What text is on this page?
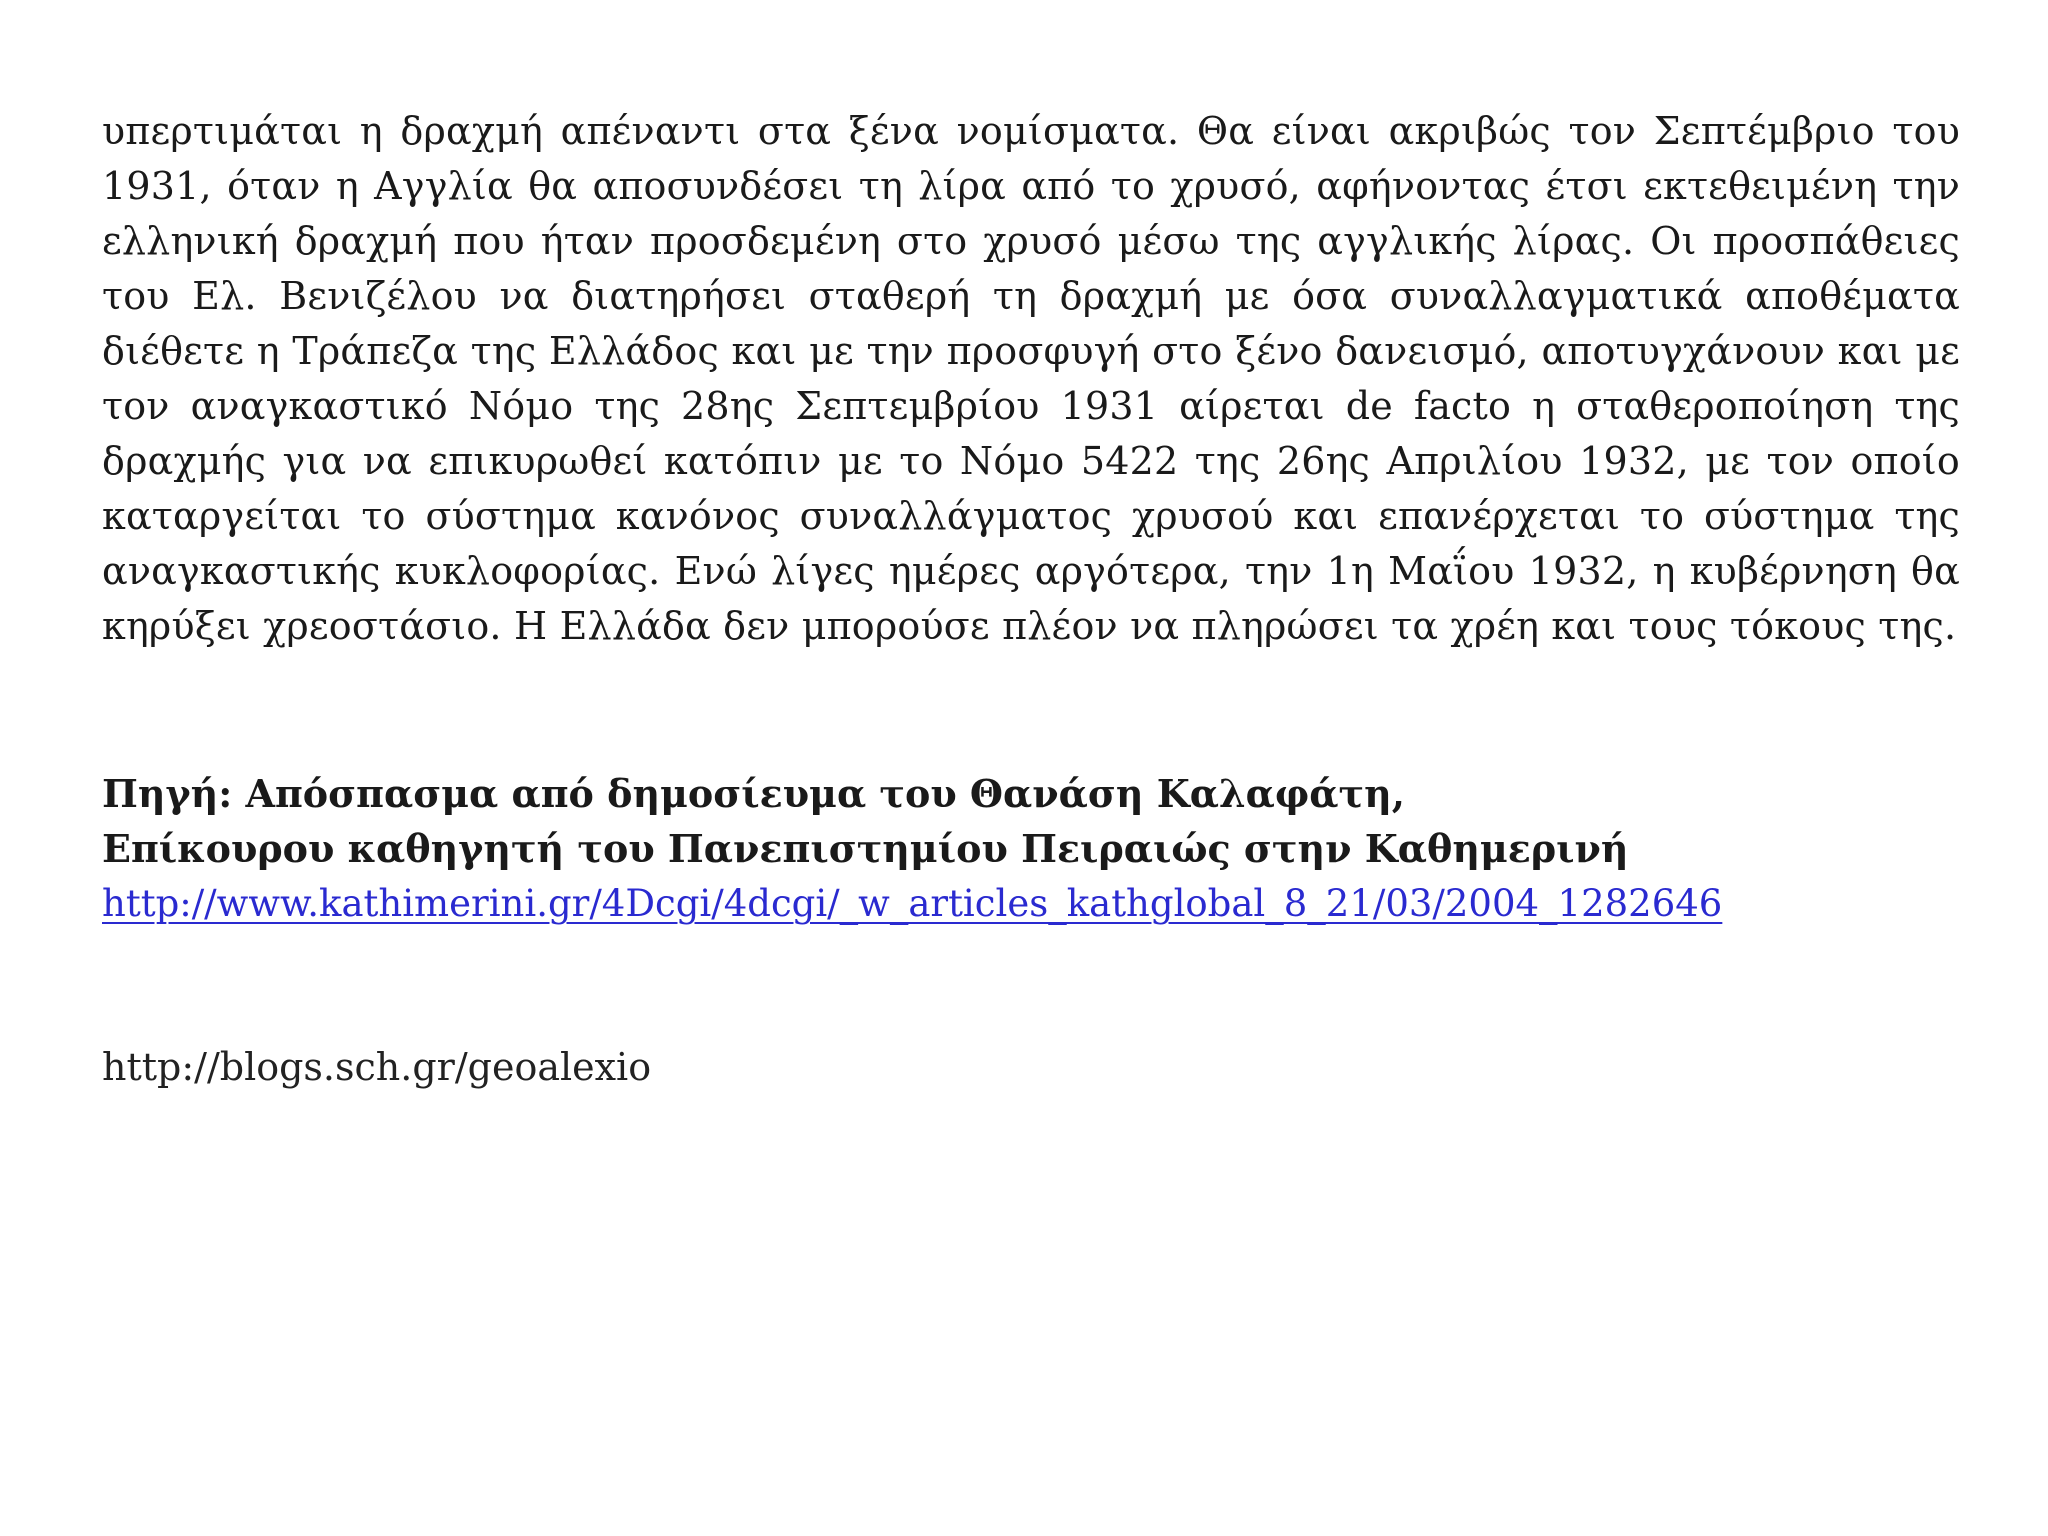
υπερτιμάται η δραχμή απέναντι στα ξένα νομίσματα. Θα είναι ακριβώς τον Σεπτέμβριο του 1931, όταν η Αγγλία θα αποσυνδέσει τη λίρα από το χρυσό, αφήνοντας έτσι εκτεθειμένη την ελληνική δραχμή που ήταν προσδεμένη στο χρυσό μέσω της αγγλικής λίρας. Οι προσπάθειες του Ελ. Βενιζέλου να διατηρήσει σταθερή τη δραχμή με όσα συναλλαγματικά αποθέματα διέθετε η Τράπεζα της Ελλάδος και με την προσφυγή στο ξένο δανεισμό, αποτυγχάνουν και με τον αναγκαστικό Νόμο της 28ης Σεπτεμβρίου 1931 αίρεται de facto η σταθεροποίηση της δραχμής για να επικυρωθεί κατόπιν με το Νόμο 5422 της 26ης Απριλίου 1932, με τον οποίο καταργείται το σύστημα κανόνος συναλλάγματος χρυσού και επανέρχεται το σύστημα της αναγκαστικής κυκλοφορίας. Ενώ λίγες ημέρες αργότερα, την 1η Μαΐου 1932, η κυβέρνηση θα κηρύξει χρεοστάσιο. Η Ελλάδα δεν μπορούσε πλέον να πληρώσει τα χρέη και τους τόκους της.

Πηγή: Απόσπασμα από δημοσίευμα του Θανάση Καλαφάτη,
Επίκουρου καθηγητή του Πανεπιστημίου Πειραιώς στην Καθημερινή
http://www.kathimerini.gr/4Dcgi/4dcgi/_w_articles_kathglobal_8_21/03/2004_1282646
http://blogs.sch.gr/geoalexio
